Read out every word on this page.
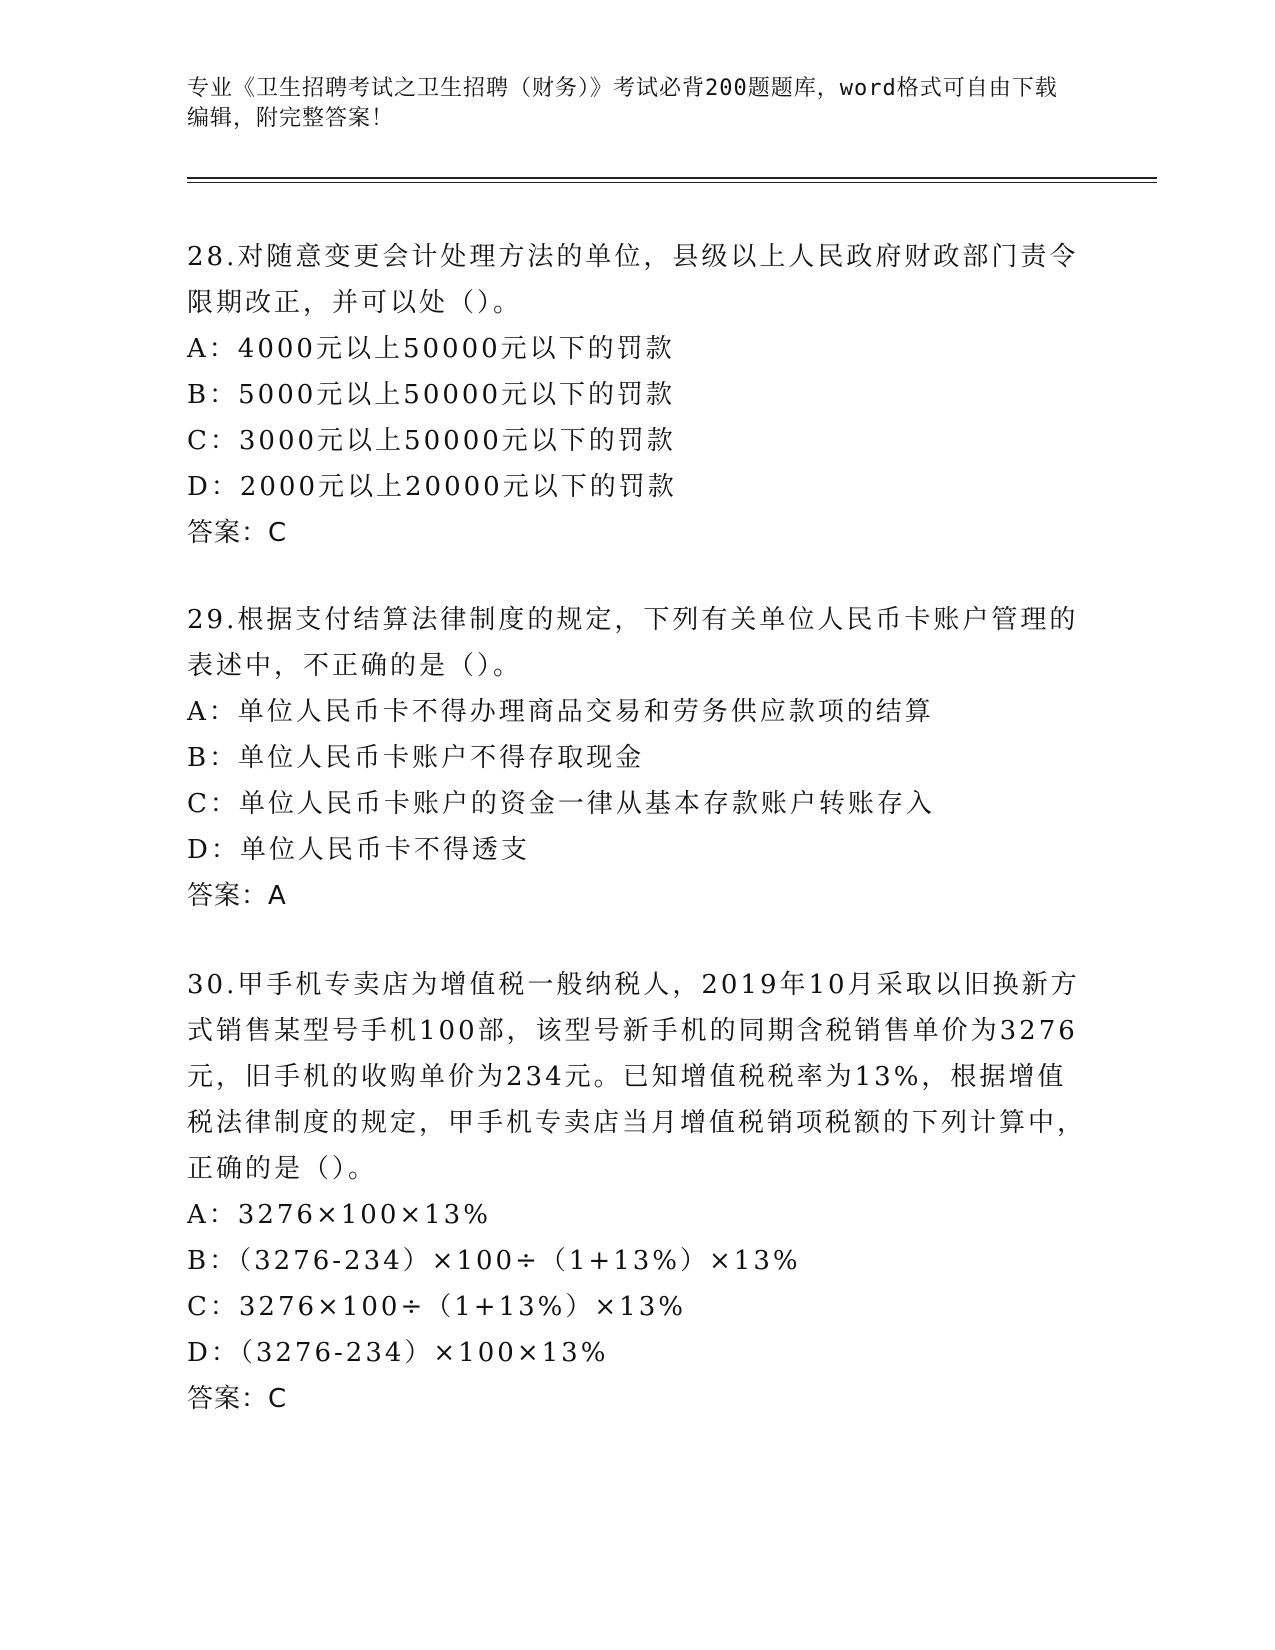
专业《卫生招聘考试之卫生招聘（财务）》考试必背200题题库，word格式可自由下载编辑，附完整答案！

28.对随意变更会计处理方法的单位，县级以上人民政府财政部门责令限期改正，并可以处（）。

A：4000元以上50000元以下的罚款

B：5000元以上50000元以下的罚款

C：3000元以上50000元以下的罚款

D：2000元以上20000元以下的罚款

答案：C

29.根据支付结算法律制度的规定，下列有关单位人民币卡账户管理的表述中，不正确的是（）。

A：单位人民币卡不得办理商品交易和劳务供应款项的结算

B：单位人民币卡账户不得存取现金

C：单位人民币卡账户的资金一律从基本存款账户转账存入

D：单位人民币卡不得透支

答案：A

30.甲手机专卖店为增值税一般纳税人，2019年10月采取以旧换新方式销售某型号手机100部，该型号新手机的同期含税销售单价为3276元，旧手机的收购单价为234元。已知增值税税率为13%，根据增值税法律制度的规定，甲手机专卖店当月增值税销项税额的下列计算中，正确的是（）。

A：3276×100×13%

B：（3276-234）×100÷（1+13%）×13%

C：3276×100÷（1+13%）×13%

D：（3276-234）×100×13%

答案：C
